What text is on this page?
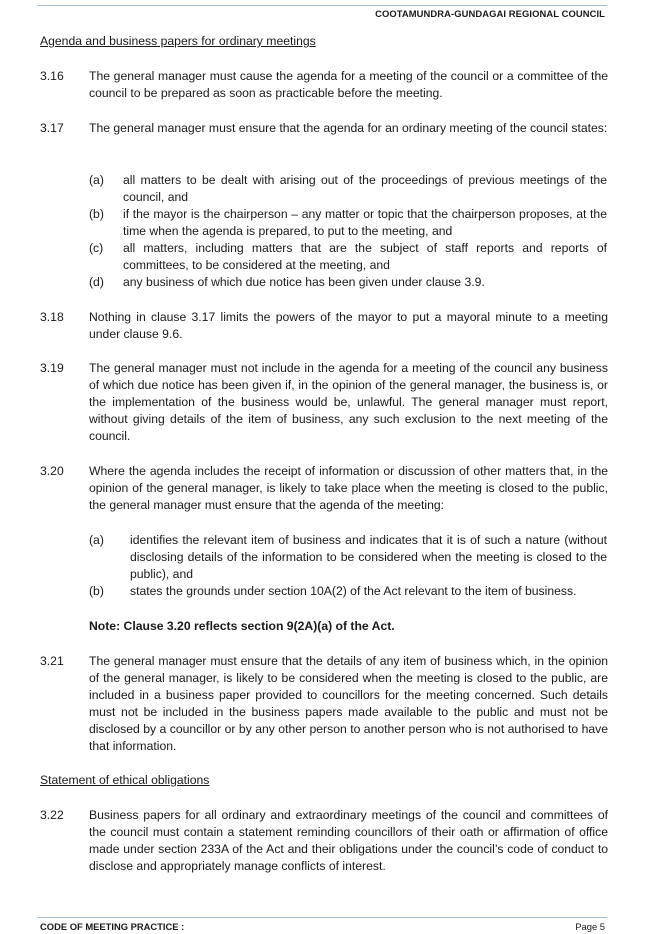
COOTAMUNDRA-GUNDAGAI REGIONAL COUNCIL
Agenda and business papers for ordinary meetings
3.16 The general manager must cause the agenda for a meeting of the council or a committee of the council to be prepared as soon as practicable before the meeting.
3.17 The general manager must ensure that the agenda for an ordinary meeting of the council states:
(a) all matters to be dealt with arising out of the proceedings of previous meetings of the council, and
(b) if the mayor is the chairperson – any matter or topic that the chairperson proposes, at the time when the agenda is prepared, to put to the meeting, and
(c) all matters, including matters that are the subject of staff reports and reports of committees, to be considered at the meeting, and
(d) any business of which due notice has been given under clause 3.9.
3.18 Nothing in clause 3.17 limits the powers of the mayor to put a mayoral minute to a meeting under clause 9.6.
3.19 The general manager must not include in the agenda for a meeting of the council any business of which due notice has been given if, in the opinion of the general manager, the business is, or the implementation of the business would be, unlawful. The general manager must report, without giving details of the item of business, any such exclusion to the next meeting of the council.
3.20 Where the agenda includes the receipt of information or discussion of other matters that, in the opinion of the general manager, is likely to take place when the meeting is closed to the public, the general manager must ensure that the agenda of the meeting:
(a) identifies the relevant item of business and indicates that it is of such a nature (without disclosing details of the information to be considered when the meeting is closed to the public), and
(b) states the grounds under section 10A(2) of the Act relevant to the item of business.
Note: Clause 3.20 reflects section 9(2A)(a) of the Act.
3.21 The general manager must ensure that the details of any item of business which, in the opinion of the general manager, is likely to be considered when the meeting is closed to the public, are included in a business paper provided to councillors for the meeting concerned. Such details must not be included in the business papers made available to the public and must not be disclosed by a councillor or by any other person to another person who is not authorised to have that information.
Statement of ethical obligations
3.22 Business papers for all ordinary and extraordinary meetings of the council and committees of the council must contain a statement reminding councillors of their oath or affirmation of office made under section 233A of the Act and their obligations under the council’s code of conduct to disclose and appropriately manage conflicts of interest.
CODE OF MEETING PRACTICE :	Page 5
